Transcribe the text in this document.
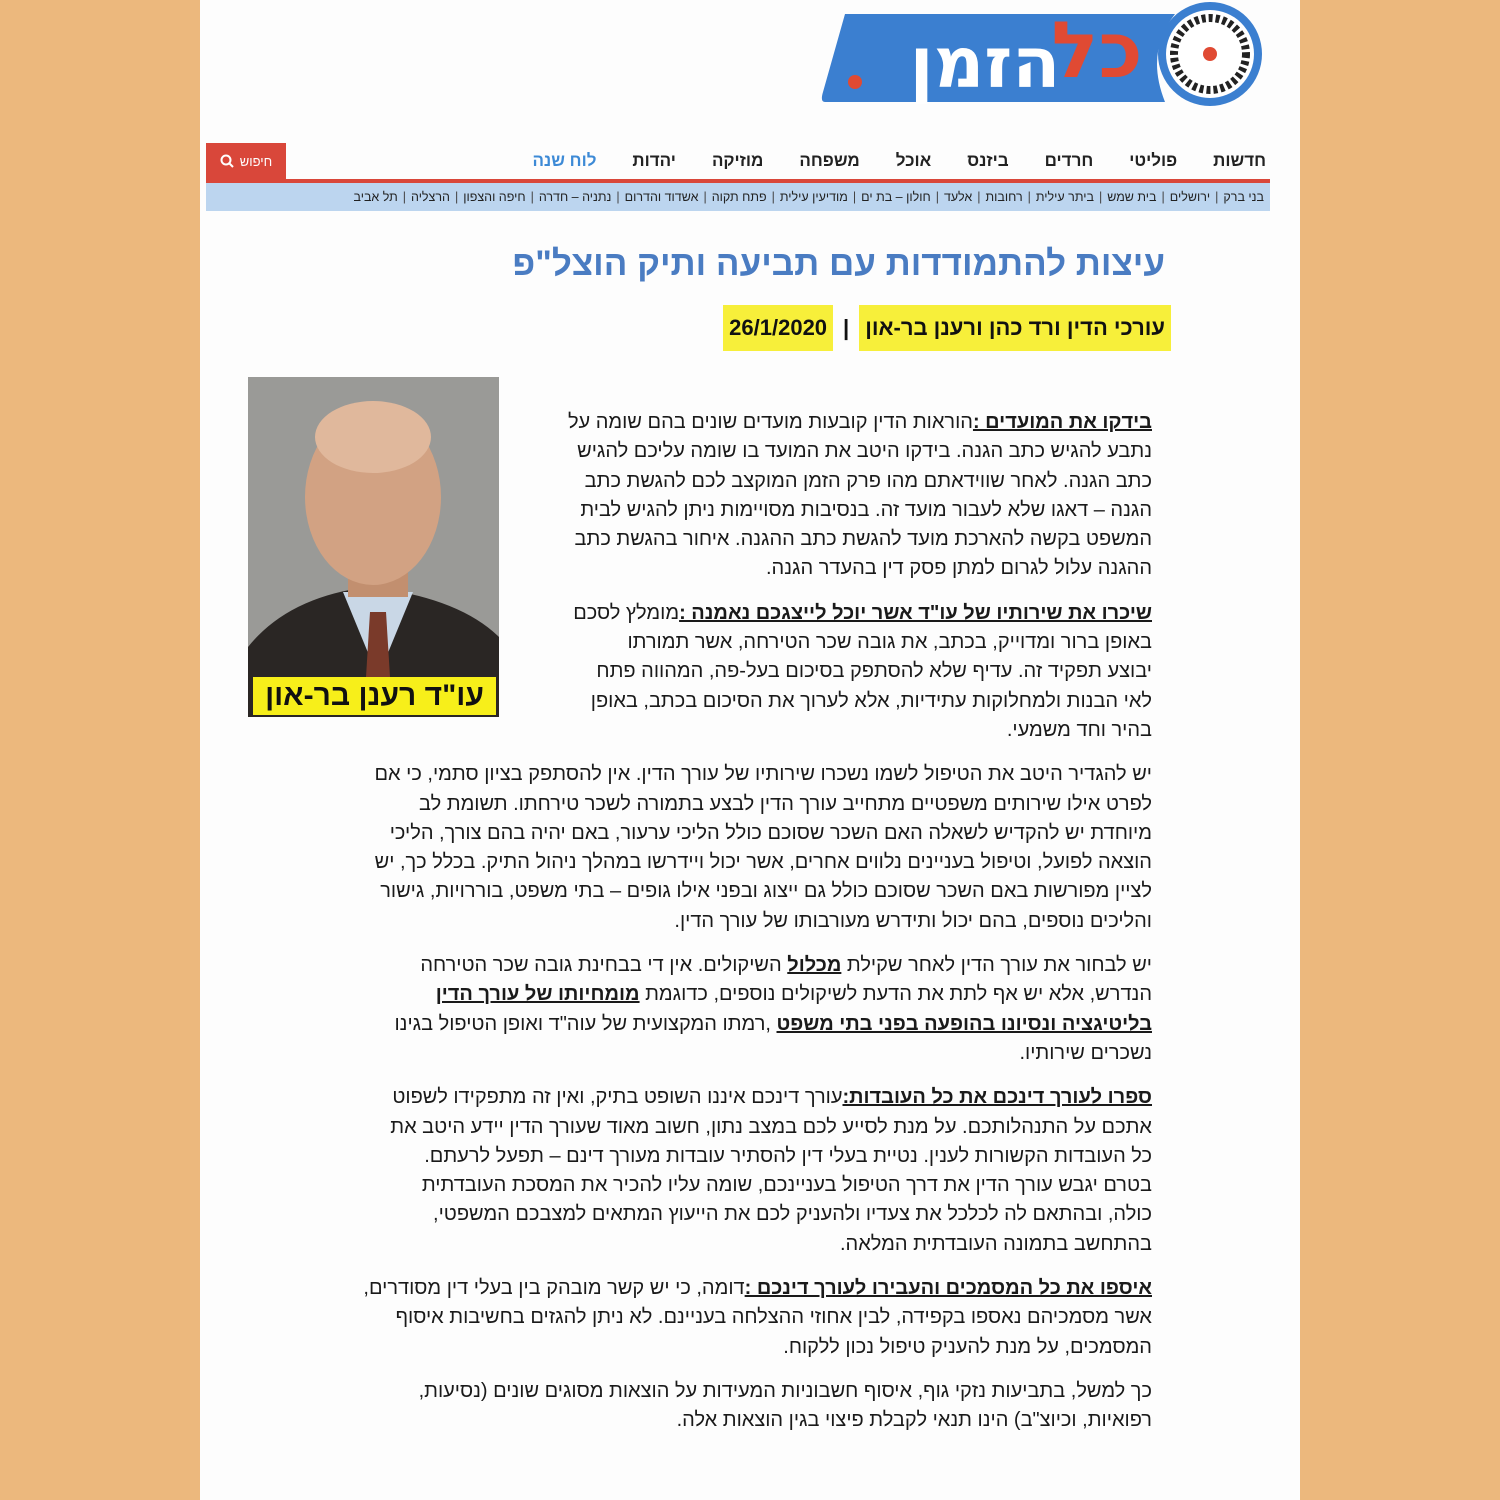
הזמן
כל
חדשות
פוליטי
חרדים
ביזנס
אוכל
משפחה
מוזיקה
יהדות
לוח שנה
חיפוש
בני ברק
|
ירושלים
|
בית שמש
|
ביתר עילית
|
רחובות
|
אלעד
|
חולון – בת ים
|
מודיעין עילית
|
פתח תקוה
|
אשדוד והדרום
|
נתניה – חדרה
|
חיפה והצפון
|
הרצליה
|
תל אביב
עיצות להתמודדות עם תביעה ותיק הוצל"פ
עורכי הדין ורד כהן ורענן בר-און
|
26/1/2020
עו"ד רענן בר-און
בידקו את המועדים :הוראות הדין קובעות מועדים שונים בהם שומה על
נתבע להגיש כתב הגנה. בידקו היטב את המועד בו שומה עליכם להגיש
כתב הגנה. לאחר שווידאתם מהו פרק הזמן המוקצב לכם להגשת כתב
הגנה – דאגו שלא לעבור מועד זה. בנסיבות מסויימות ניתן להגיש לבית
המשפט בקשה להארכת מועד להגשת כתב ההגנה. איחור בהגשת כתב
ההגנה עלול לגרום למתן פסק דין בהעדר הגנה.
שיכרו את שירותיו של עו"ד אשר יוכל לייצגכם נאמנה :מומלץ לסכם
באופן ברור ומדוייק, בכתב, את גובה שכר הטירחה, אשר תמורתו
יבוצע תפקיד זה. עדיף שלא להסתפק בסיכום בעל-פה, המהווה פתח
לאי הבנות ולמחלוקות עתידיות, אלא לערוך את הסיכום בכתב, באופן
בהיר וחד משמעי.
יש להגדיר היטב את הטיפול לשמו נשכרו שירותיו של עורך הדין. אין להסתפק בציון סתמי, כי אם
לפרט אילו שירותים משפטיים מתחייב עורך הדין לבצע בתמורה לשכר טירחתו. תשומת לב
מיוחדת יש להקדיש לשאלה האם השכר שסוכם כולל הליכי ערעור, באם יהיה בהם צורך, הליכי
הוצאה לפועל, וטיפול בעניינים נלווים אחרים, אשר יכול ויידרשו במהלך ניהול התיק. בכלל כך, יש
לציין מפורשות באם השכר שסוכם כולל גם ייצוג ובפני אילו גופים – בתי משפט, בוררויות, גישור
והליכים נוספים, בהם יכול ותידרש מעורבותו של עורך הדין.
יש לבחור את עורך הדין לאחר שקילת מכלול השיקולים. אין די בבחינת גובה שכר הטירחה
הנדרש, אלא יש אף לתת את הדעת לשיקולים נוספים, כדוגמת מומחיותו של עורך הדין
בליטיגציה ונסיונו בהופעה בפני בתי משפט ,רמתו המקצועית של עוה"ד ואופן הטיפול בגינו
נשכרים שירותיו.
ספרו לעורך דינכם את כל העובדות:עורך דינכם איננו השופט בתיק, ואין זה מתפקידו לשפוט
אתכם על התנהלותכם. על מנת לסייע לכם במצב נתון, חשוב מאוד שעורך הדין יידע היטב את
כל העובדות הקשורות לענין. נטיית בעלי דין להסתיר עובדות מעורך דינם – תפעל לרעתם.
בטרם יגבש עורך הדין את דרך הטיפול בעניינכם, שומה עליו להכיר את המסכת העובדתית
כולה, ובהתאם לה לכלכל את צעדיו ולהעניק לכם את הייעוץ המתאים למצבכם המשפטי,
בהתחשב בתמונה העובדתית המלאה.
איספו את כל המסמכים והעבירו לעורך דינכם :דומה, כי יש קשר מובהק בין בעלי דין מסודרים,
אשר מסמכיהם נאספו בקפידה, לבין אחוזי ההצלחה בעניינם. לא ניתן להגזים בחשיבות איסוף
המסמכים, על מנת להעניק טיפול נכון ללקוח.
כך למשל, בתביעות נזקי גוף, איסוף חשבוניות המעידות על הוצאות מסוגים שונים (נסיעות,
רפואיות, וכיוצ"ב) הינו תנאי לקבלת פיצוי בגין הוצאות אלה.
